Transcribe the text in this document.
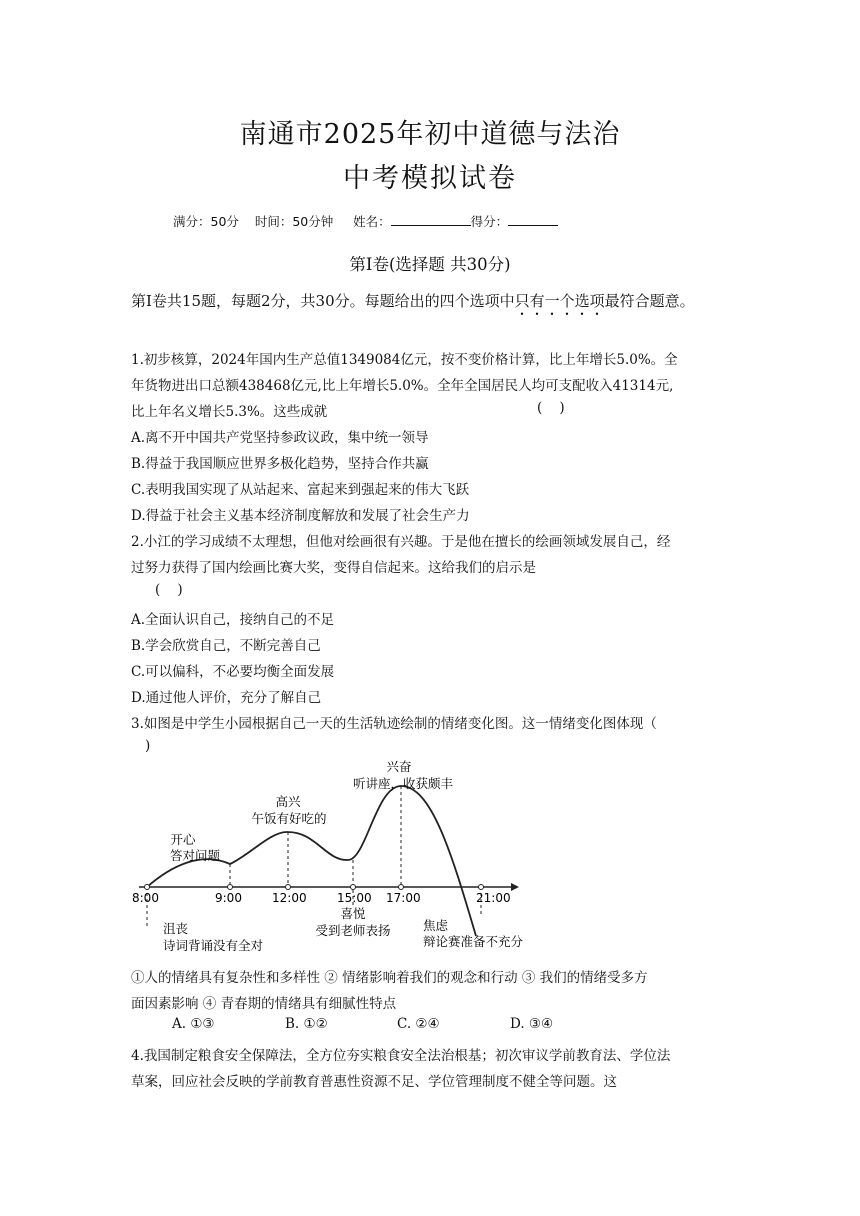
南通市2025年初中道德与法治
中考模拟试卷
满分：50分 时间：50分钟 姓名：	得分：
第Ⅰ卷(选择题 共30分)
第Ⅰ卷共15题，每题2分，共30分。每题给出的四个选项中只有一个选项最符合题意。
1.初步核算，2024年国内生产总值1349084亿元，按不变价格计算，比上年增长5.0%。全
年货物进出口总额438468亿元,比上年增长5.0%。全年全国居民人均可支配收入41314元,
比上年名义增长5.3%。这些成就	(    )
A.离不开中国共产党坚持参政议政，集中统一领导
B.得益于我国顺应世界多极化趋势，坚持合作共赢
C.表明我国实现了从站起来、富起来到强起来的伟大飞跃
D.得益于社会主义基本经济制度解放和发展了社会生产力
2.小江的学习成绩不太理想，但他对绘画很有兴趣。于是他在擅长的绘画领域发展自己，经
过努力获得了国内绘画比赛大奖，变得自信起来。这给我们的启示是
(    )
A.全面认识自己，接纳自己的不足
B.学会欣赏自己，不断完善自己
C.可以偏科，不必要均衡全面发展
D.通过他人评价，充分了解自己
3.如图是中学生小园根据自己一天的生活轨迹绘制的情绪变化图。这一情绪变化图体现（
)
8:00	9:00	12:00	15:00 17:00	21:00
开心
答对问题
高兴
午饭有好吃的
兴奋
听讲座，收获颇丰
沮丧
诗词背诵没有全对
喜悦
受到老师表扬	焦虑
辩论赛准备不充分
①人的情绪具有复杂性和多样性 ② 情绪影响着我们的观念和行动 ③ 我们的情绪受多方
面因素影响 ④ 青春期的情绪具有细腻性特点
A. ①③	B. ①②	C. ②④	D. ③④
4.我国制定粮食安全保障法，全方位夯实粮食安全法治根基；初次审议学前教育法、学位法
草案，回应社会反映的学前教育普惠性资源不足、学位管理制度不健全等问题。这
